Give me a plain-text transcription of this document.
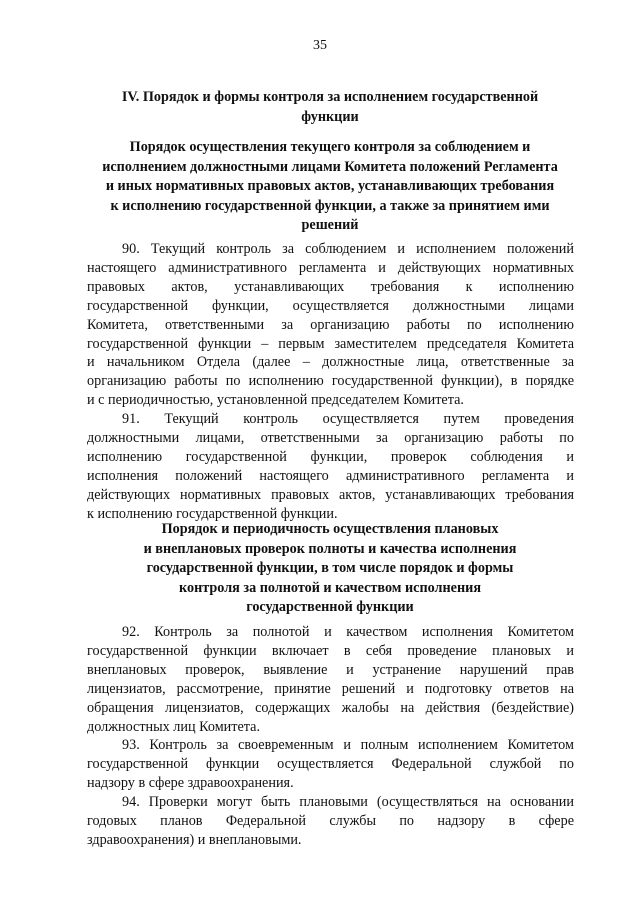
35
IV. Порядок и формы контроля за исполнением государственной
функции
Порядок осуществления текущего контроля за соблюдением и
исполнением должностными лицами Комитета положений Регламента
и иных нормативных правовых актов, устанавливающих требования
к исполнению государственной функции, а также за принятием ими
решений
90. Текущий контроль за соблюдением и исполнением положений
настоящего административного регламента и действующих нормативных
правовых актов, устанавливающих требования к исполнению
государственной функции, осуществляется должностными лицами
Комитета, ответственными за организацию работы по исполнению
государственной функции – первым заместителем председателя Комитета
и начальником Отдела (далее – должностные лица, ответственные за
организацию работы по исполнению государственной функции), в порядке
и с периодичностью, установленной председателем Комитета.
91. Текущий контроль осуществляется путем проведения
должностными лицами, ответственными за организацию работы по
исполнению государственной функции, проверок соблюдения и
исполнения положений настоящего административного регламента и
действующих нормативных правовых актов, устанавливающих требования
к исполнению государственной функции.
Порядок и периодичность осуществления плановых
и внеплановых проверок полноты и качества исполнения
государственной функции, в том числе порядок и формы
контроля за полнотой и качеством исполнения
государственной функции
92. Контроль за полнотой и качеством исполнения Комитетом
государственной функции включает в себя проведение плановых и
внеплановых проверок, выявление и устранение нарушений прав
лицензиатов, рассмотрение, принятие решений и подготовку ответов на
обращения лицензиатов, содержащих жалобы на действия (бездействие)
должностных лиц Комитета.
93. Контроль за своевременным и полным исполнением Комитетом
государственной функции осуществляется Федеральной службой по
надзору в сфере здравоохранения.
94. Проверки могут быть плановыми (осуществляться на основании
годовых планов Федеральной службы по надзору в сфере
здравоохранения) и внеплановыми.
